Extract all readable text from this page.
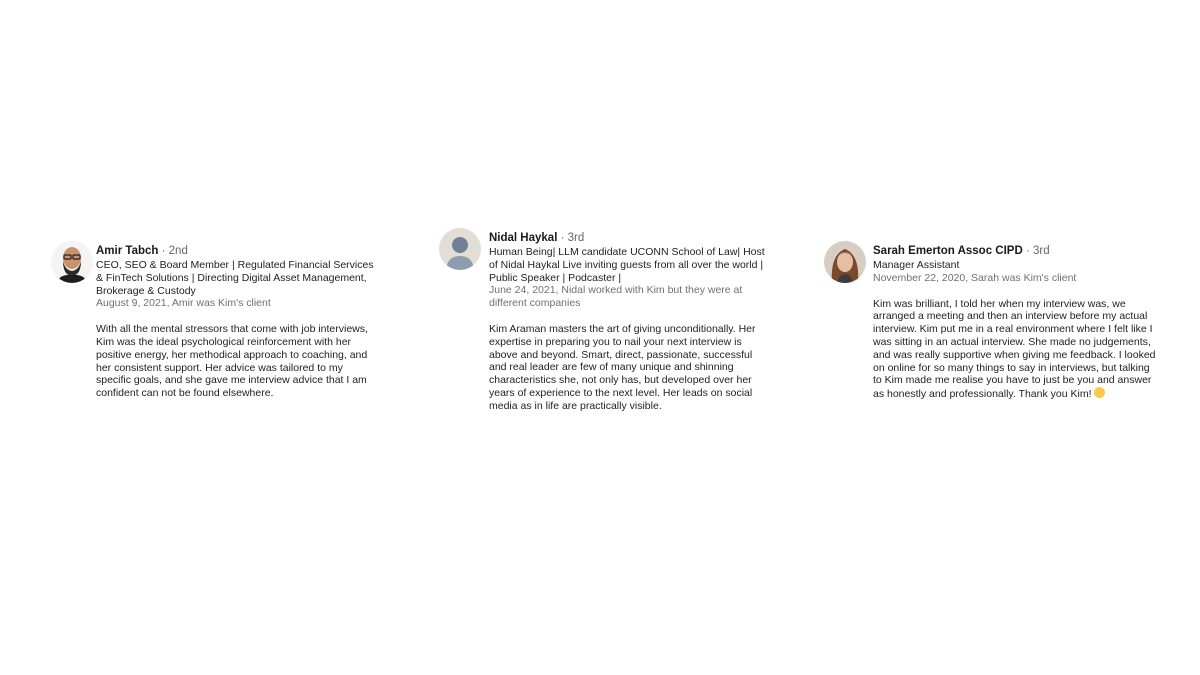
Amir Tabch · 2nd
CEO, SEO & Board Member | Regulated Financial Services & FinTech Solutions | Directing Digital Asset Management, Brokerage & Custody
August 9, 2021, Amir was Kim's client
With all the mental stressors that come with job interviews, Kim was the ideal psychological reinforcement with her positive energy, her methodical approach to coaching, and her consistent support. Her advice was tailored to my specific goals, and she gave me interview advice that I am confident can not be found elsewhere.
Nidal Haykal · 3rd
Human Being| LLM candidate UCONN School of Law| Host of Nidal Haykal Live inviting guests from all over the world | Public Speaker | Podcaster |
June 24, 2021, Nidal worked with Kim but they were at different companies
Kim Araman masters the art of giving unconditionally. Her expertise in preparing you to nail your next interview is above and beyond. Smart, direct, passionate, successful and real leader are few of many unique and shinning characteristics she, not only has, but developed over her years of experience to the next level. Her leads on social media as in life are practically visible.
Sarah Emerton Assoc CIPD · 3rd
Manager Assistant
November 22, 2020, Sarah was Kim's client
Kim was brilliant, I told her when my interview was, we arranged a meeting and then an interview before my actual interview. Kim put me in a real environment where I felt like I was sitting in an actual interview. She made no judgements, and was really supportive when giving me feedback. I looked on online for so many things to say in interviews, but talking to Kim made me realise you have to just be you and answer as honestly and professionally. Thank you Kim!
